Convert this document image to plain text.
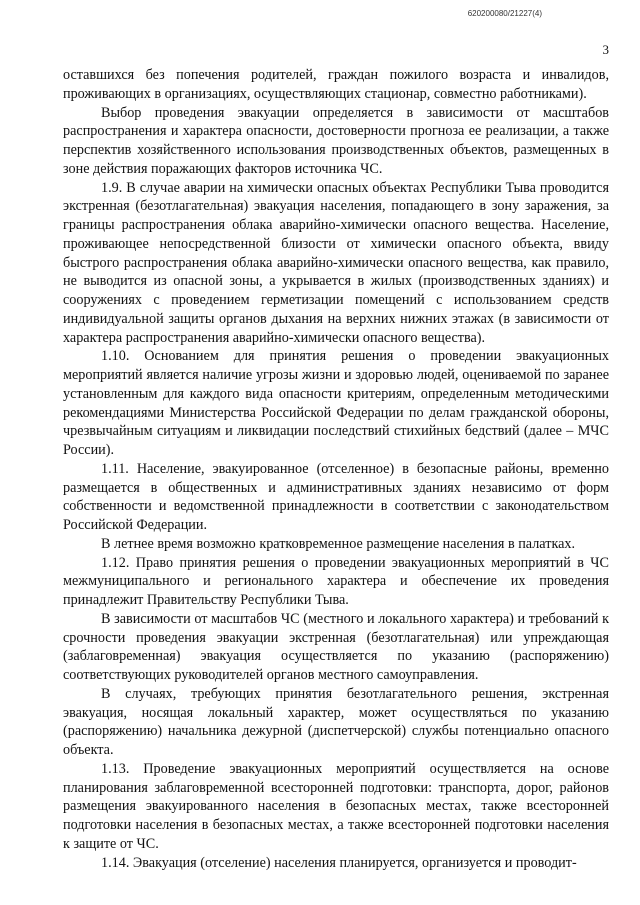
620200080/21227(4)
3

оставшихся без попечения родителей, граждан пожилого возраста и инвалидов, проживающих в организациях, осуществляющих стационар, совместно работниками).

Выбор проведения эвакуации определяется в зависимости от масштабов распространения и характера опасности, достоверности прогноза ее реализации, а также перспектив хозяйственного использования производственных объектов, размещенных в зоне действия поражающих факторов источника ЧС.

1.9. В случае аварии на химически опасных объектах Республики Тыва проводится экстренная (безотлагательная) эвакуация населения, попадающего в зону заражения, за границы распространения облака аварийно-химически опасного вещества. Население, проживающее непосредственной близости от химически опасного объекта, ввиду быстрого распространения облака аварийно-химически опасного вещества, как правило, не выводится из опасной зоны, а укрывается в жилых (производственных зданиях) и сооружениях с проведением герметизации помещений с использованием средств индивидуальной защиты органов дыхания на верхних нижних этажах (в зависимости от характера распространения аварийно-химически опасного вещества).

1.10. Основанием для принятия решения о проведении эвакуационных мероприятий является наличие угрозы жизни и здоровью людей, оцениваемой по заранее установленным для каждого вида опасности критериям, определенным методическими рекомендациями Министерства Российской Федерации по делам гражданской обороны, чрезвычайным ситуациям и ликвидации последствий стихийных бедствий (далее – МЧС России).

1.11. Население, эвакуированное (отселенное) в безопасные районы, временно размещается в общественных и административных зданиях независимо от форм собственности и ведомственной принадлежности в соответствии с законодательством Российской Федерации.

В летнее время возможно кратковременное размещение населения в палатках.

1.12. Право принятия решения о проведении эвакуационных мероприятий в ЧС межмуниципального и регионального характера и обеспечение их проведения принадлежит Правительству Республики Тыва.

В зависимости от масштабов ЧС (местного и локального характера) и требований к срочности проведения эвакуации экстренная (безотлагательная) или упреждающая (заблаговременная) эвакуация осуществляется по указанию (распоряжению) соответствующих руководителей органов местного самоуправления.

В случаях, требующих принятия безотлагательного решения, экстренная эвакуация, носящая локальный характер, может осуществляться по указанию (распоряжению) начальника дежурной (диспетчерской) службы потенциально опасного объекта.

1.13. Проведение эвакуационных мероприятий осуществляется на основе планирования заблаговременной всесторонней подготовки: транспорта, дорог, районов размещения эвакуированного населения в безопасных местах, также всесторонней подготовки населения в безопасных местах, а также всесторонней подготовки населения к защите от ЧС.

1.14. Эвакуация (отселение) населения планируется, организуется и проводит-
